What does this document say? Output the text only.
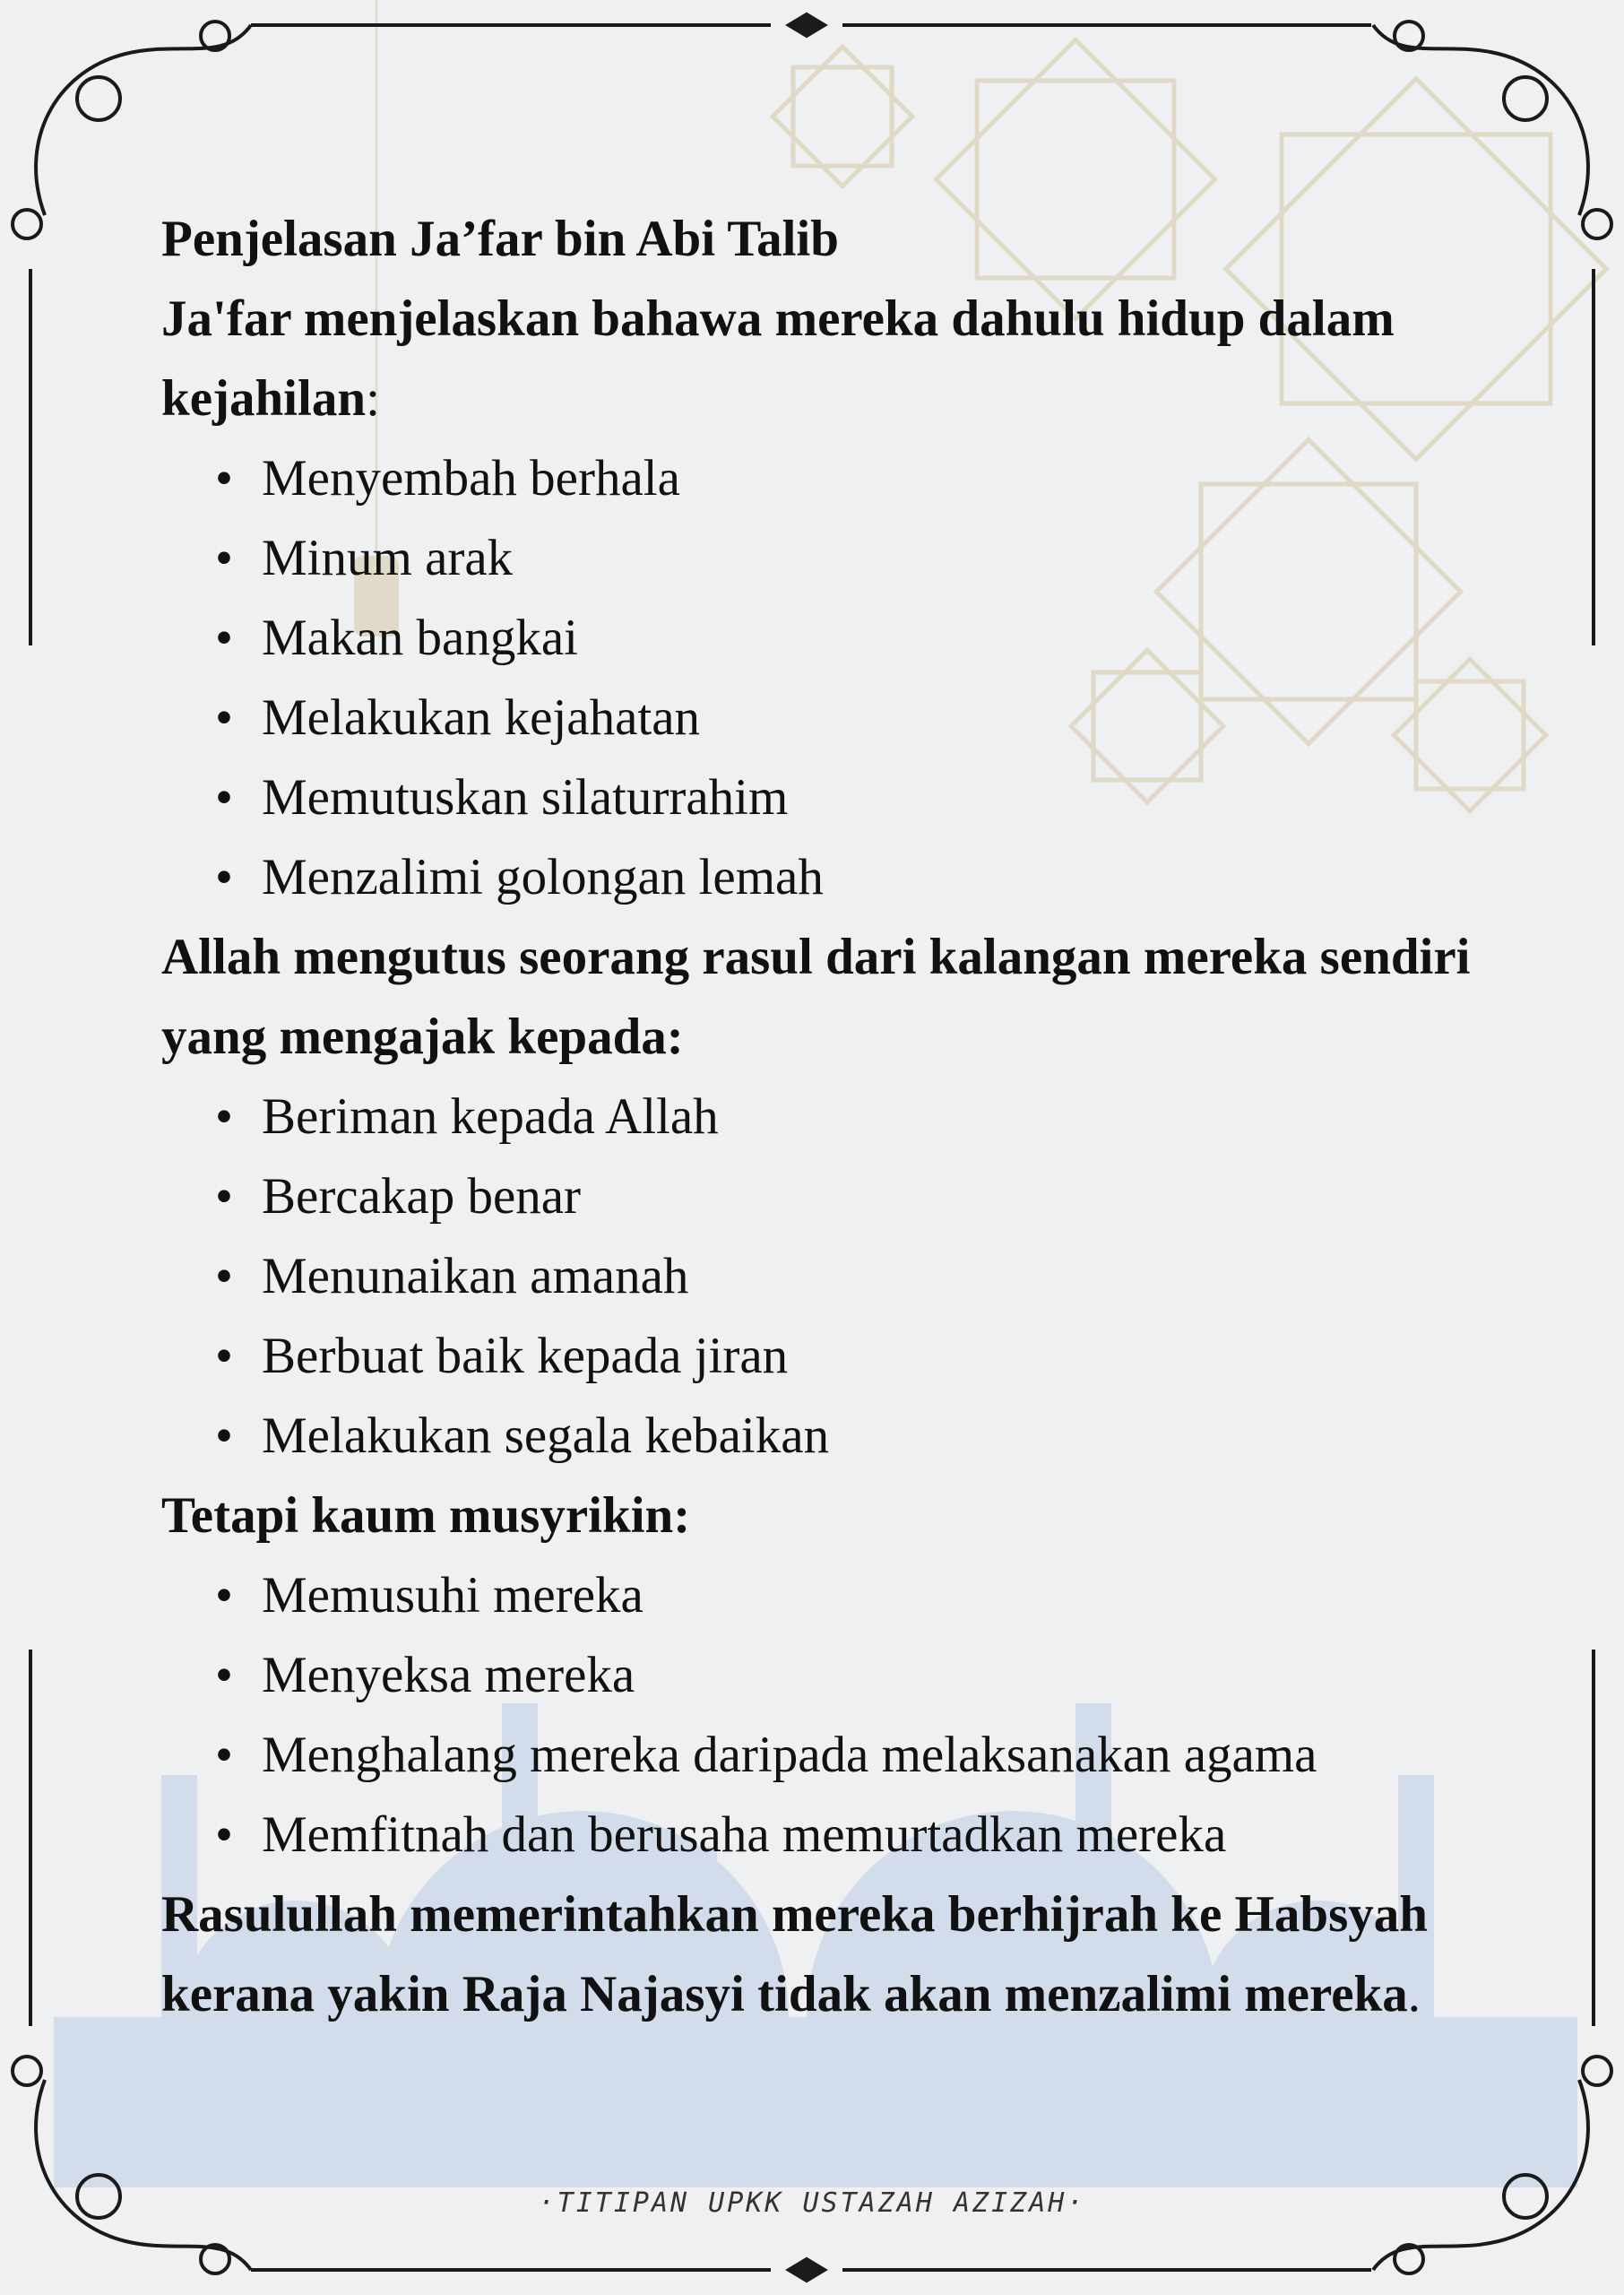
Penjelasan Ja’far bin Abi Talib

Ja'far menjelaskan bahawa mereka dahulu hidup dalam kejahilan:

• Menyembah berhala
• Minum arak
• Makan bangkai
• Melakukan kejahatan
• Memutuskan silaturrahim
• Menzalimi golongan lemah

Allah mengutus seorang rasul dari kalangan mereka sendiri yang mengajak kepada:

• Beriman kepada Allah
• Bercakap benar
• Menunaikan amanah
• Berbuat baik kepada jiran
• Melakukan segala kebaikan

Tetapi kaum musyrikin:

• Memusuhi mereka
• Menyeksa mereka
• Menghalang mereka daripada melaksanakan agama
• Memfitnah dan berusaha memurtadkan mereka

Rasulullah memerintahkan mereka berhijrah ke Habsyah kerana yakin Raja Najasyi tidak akan menzalimi mereka.

·TITIPAN UPKK USTAZAH AZIZAH·
